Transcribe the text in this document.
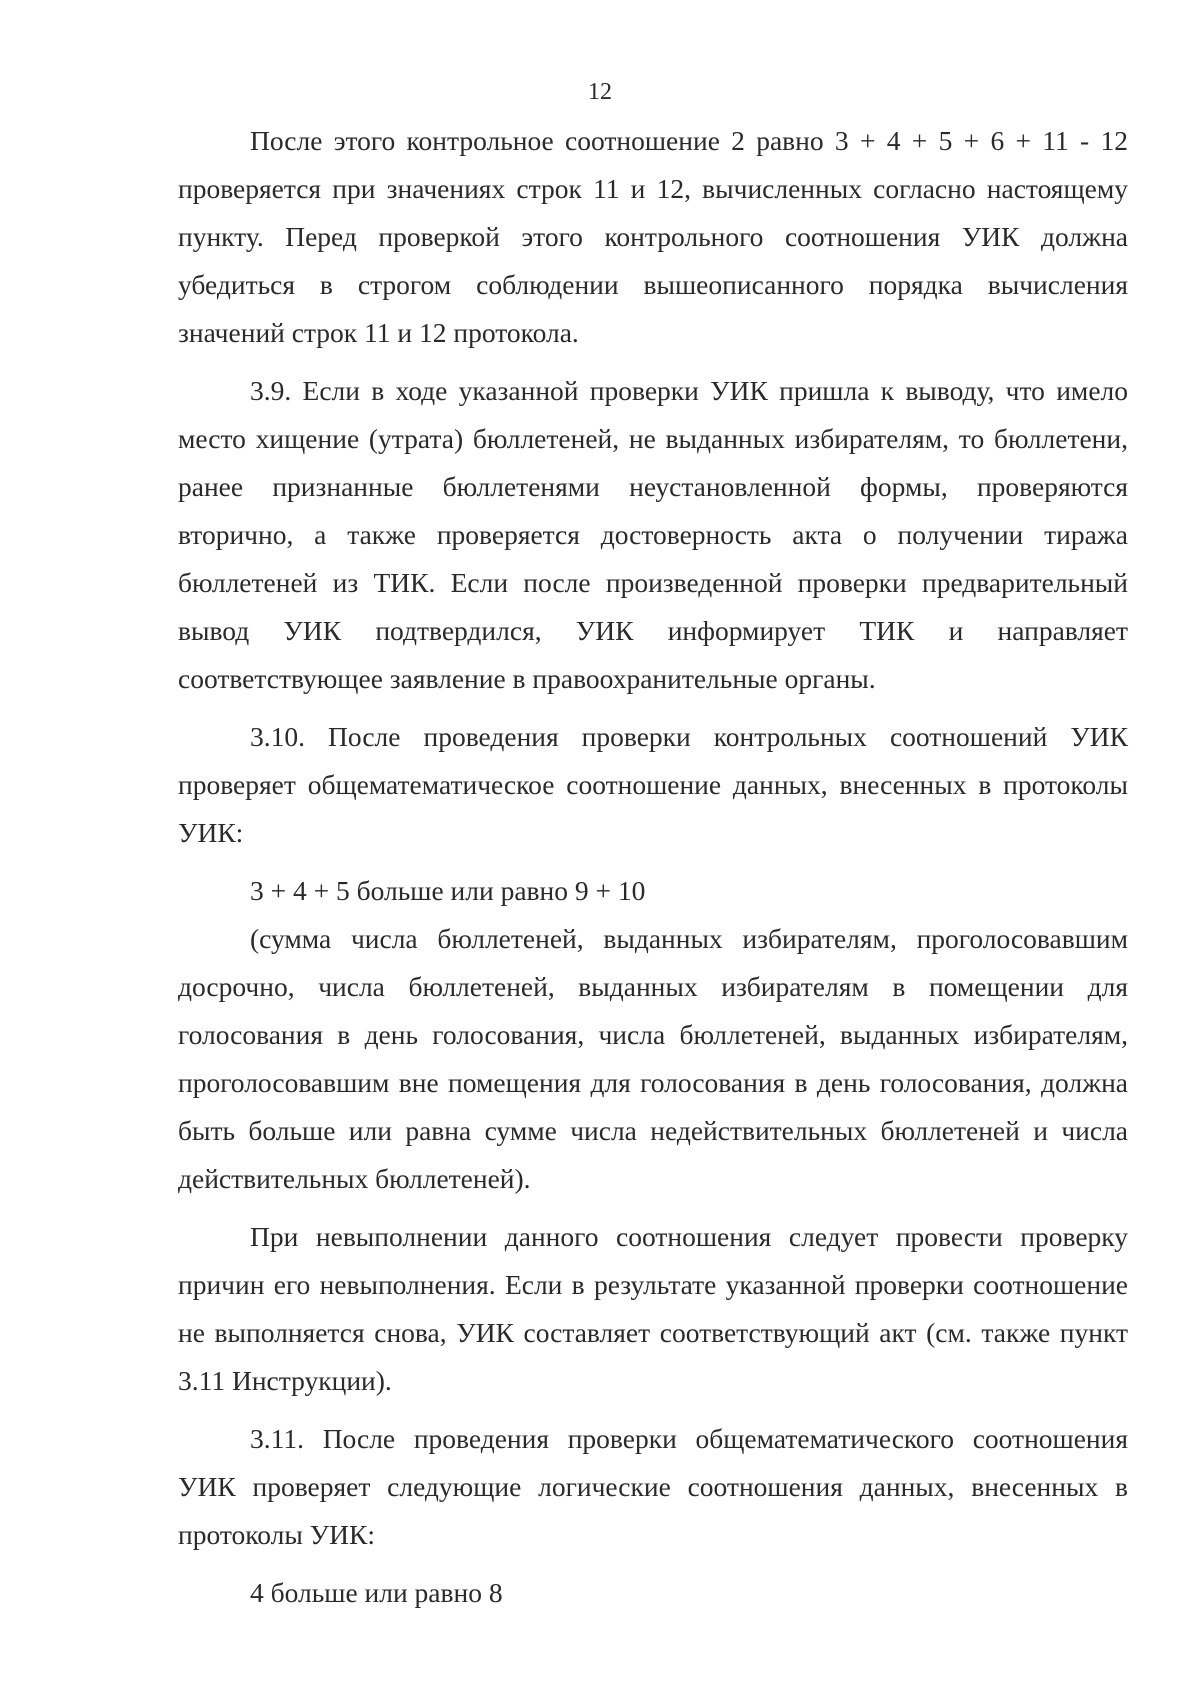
12

После этого контрольное соотношение 2 равно 3 + 4 + 5 + 6 + 11 - 12 проверяется при значениях строк 11 и 12, вычисленных согласно настоящему пункту. Перед проверкой этого контрольного соотношения УИК должна убедиться в строгом соблюдении вышеописанного порядка вычисления значений строк 11 и 12 протокола.

3.9. Если в ходе указанной проверки УИК пришла к выводу, что имело место хищение (утрата) бюллетеней, не выданных избирателям, то бюллетени, ранее признанные бюллетенями неустановленной формы, проверяются вторично, а также проверяется достоверность акта о получении тиража бюллетеней из ТИК. Если после произведенной проверки предварительный вывод УИК подтвердился, УИК информирует ТИК и направляет соответствующее заявление в правоохранительные органы.

3.10. После проведения проверки контрольных соотношений УИК проверяет общематематическое соотношение данных, внесенных в протоколы УИК:

3 + 4 + 5 больше или равно 9 + 10

(сумма числа бюллетеней, выданных избирателям, проголосовавшим досрочно, числа бюллетеней, выданных избирателям в помещении для голосования в день голосования, числа бюллетеней, выданных избирателям, проголосовавшим вне помещения для голосования в день голосования, должна быть больше или равна сумме числа недействительных бюллетеней и числа действительных бюллетеней).

При невыполнении данного соотношения следует провести проверку причин его невыполнения. Если в результате указанной проверки соотношение не выполняется снова, УИК составляет соответствующий акт (см. также пункт 3.11 Инструкции).

3.11. После проведения проверки общематематического соотношения УИК проверяет следующие логические соотношения данных, внесенных в протоколы УИК:

4 больше или равно 8
